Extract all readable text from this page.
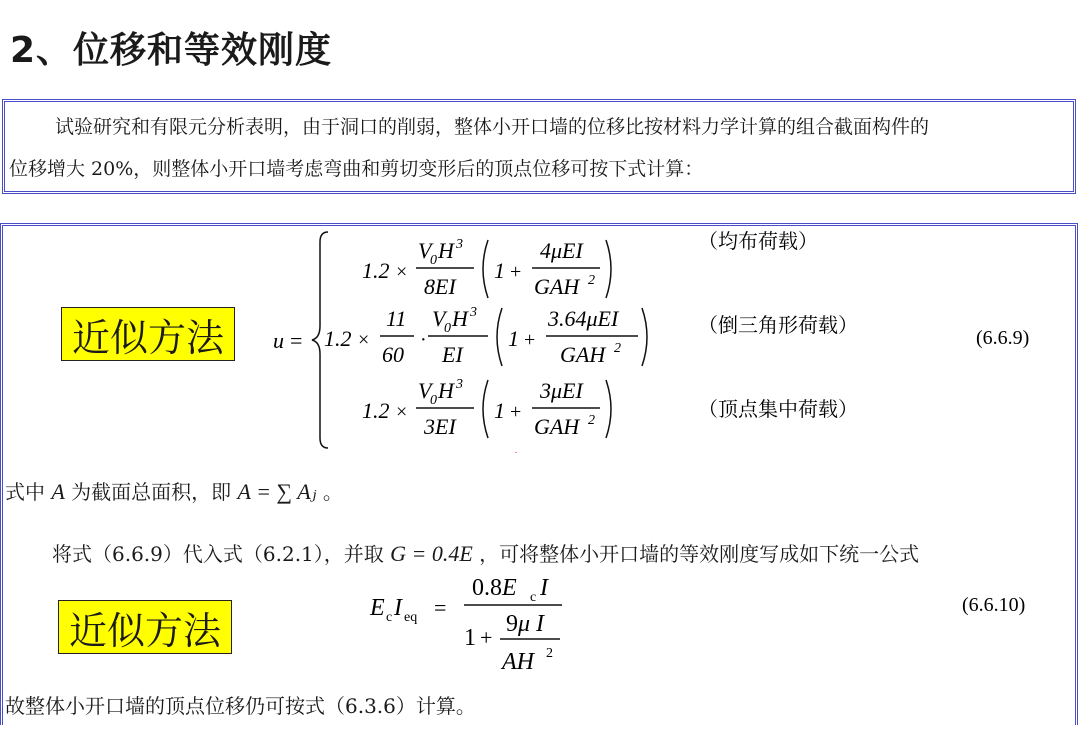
2、位移和等效刚度
试验研究和有限元分析表明，由于洞口的削弱，整体小开口墙的位移比按材料力学计算的组合截面构件的
位移增大 20%，则整体小开口墙考虑弯曲和剪切变形后的顶点位移可按下式计算：
近似方法	u =
1.2 ×
V
0 H 3
8EI
1 +
4μEI
GAH 2
（均布荷载）
1.2 ×
11
60
·
V
0 H 3
EI
1 +
3.64μEI
GAH 2
（倒三角形荷载）
1.2 ×
V
0 H 3
3EI
1 +
3μEI
GAH 2	（顶点集中荷载）
(6.6.9)
式中 A 为截面总面积，即 A = ∑ Aⱼ 。
将式（6.6.9）代入式（6.2.1），并取 G = 0.4E ，可将整体小开口墙的等效刚度写成如下统一公式
近似方法
E c I eq =
0.8E c I
1 +
9μ I
AH 2
(6.6.10)
故整体小开口墙的顶点位移仍可按式（6.3.6）计算。
